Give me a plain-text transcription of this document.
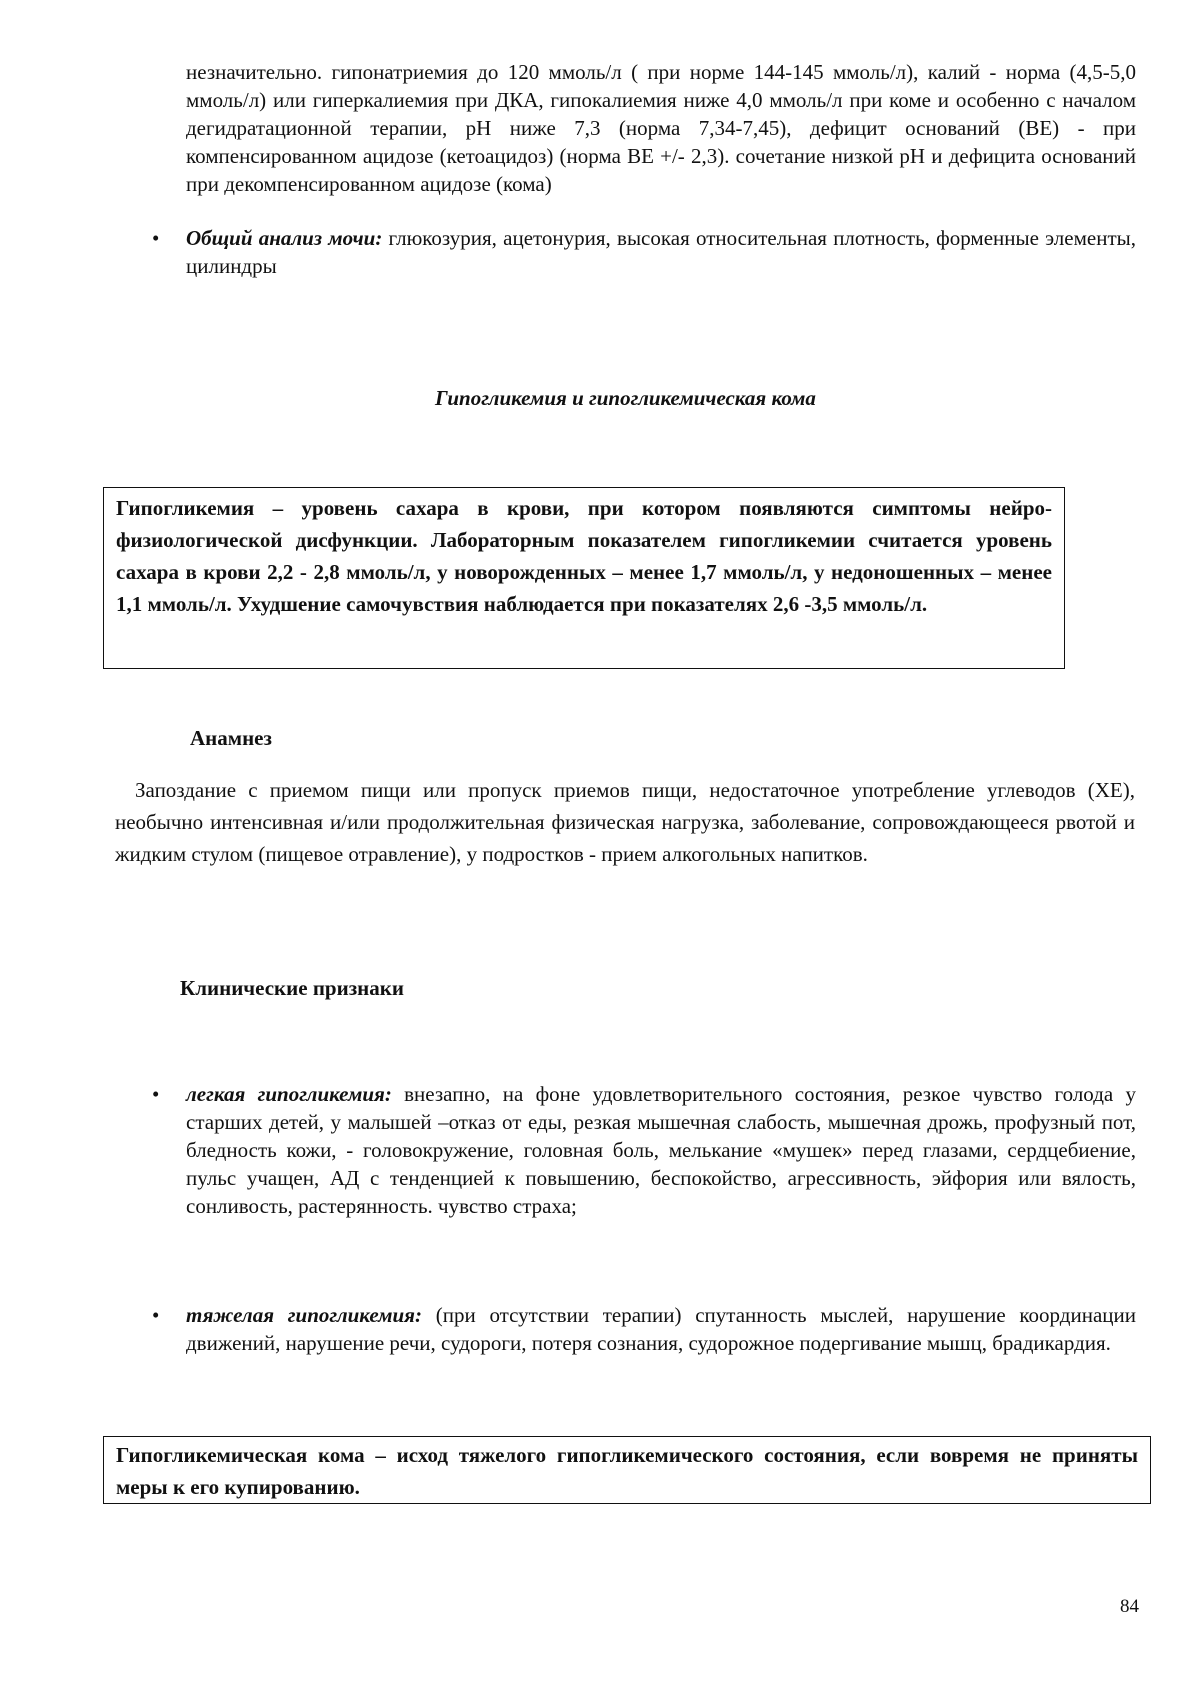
незначительно. гипонатриемия до 120 ммоль/л ( при норме 144-145 ммоль/л), калий - норма (4,5-5,0 ммоль/л) или гиперкалиемия при ДКА, гипокалиемия ниже 4,0 ммоль/л при коме и особенно с началом дегидратационной терапии, pH ниже 7,3 (норма 7,34-7,45), дефицит оснований (ВЕ) - при компенсированном ацидозе (кетоацидоз) (норма ВЕ +/- 2,3). сочетание низкой pH и дефицита оснований при декомпенсированном ацидозе (кома)

• Общий анализ мочи: глюкозурия, ацетонурия, высокая относительная плотность, форменные элементы, цилиндры

Гипогликемия и гипогликемическая кома
Гипогликемия – уровень сахара в крови, при котором появляются симптомы нейро-физиологической дисфункции. Лабораторным показателем гипогликемии считается уровень сахара в крови 2,2 - 2,8 ммоль/л, у новорожденных – менее 1,7 ммоль/л, у недоношенных – менее 1,1 ммоль/л. Ухудшение самочувствия наблюдается при показателях 2,6 -3,5 ммоль/л.
Анамнез

Запоздание с приемом пищи или пропуск приемов пищи, недостаточное употребление углеводов (ХЕ), необычно интенсивная и/или продолжительная физическая нагрузка, заболевание, сопровождающееся рвотой и жидким стулом (пищевое отравление), у подростков - прием алкогольных напитков.

Клинические признаки
• легкая гипогликемия: внезапно, на фоне удовлетворительного состояния, резкое чувство голода у старших детей, у малышей –отказ от еды, резкая мышечная слабость, мышечная дрожь, профузный пот, бледность кожи, - головокружение, головная боль, мелькание «мушек» перед глазами, сердцебиение, пульс учащен, АД с тенденцией к повышению, беспокойство, агрессивность, эйфория или вялость, сонливость, растерянность. чувство страха;

• тяжелая гипогликемия: (при отсутствии терапии) спутанность мыслей, нарушение координации движений, нарушение речи, судороги, потеря сознания, судорожное подергивание мышц, брадикардия.

Гипогликемическая кома – исход тяжелого гипогликемического состояния, если вовремя не приняты меры к его купированию.
84
